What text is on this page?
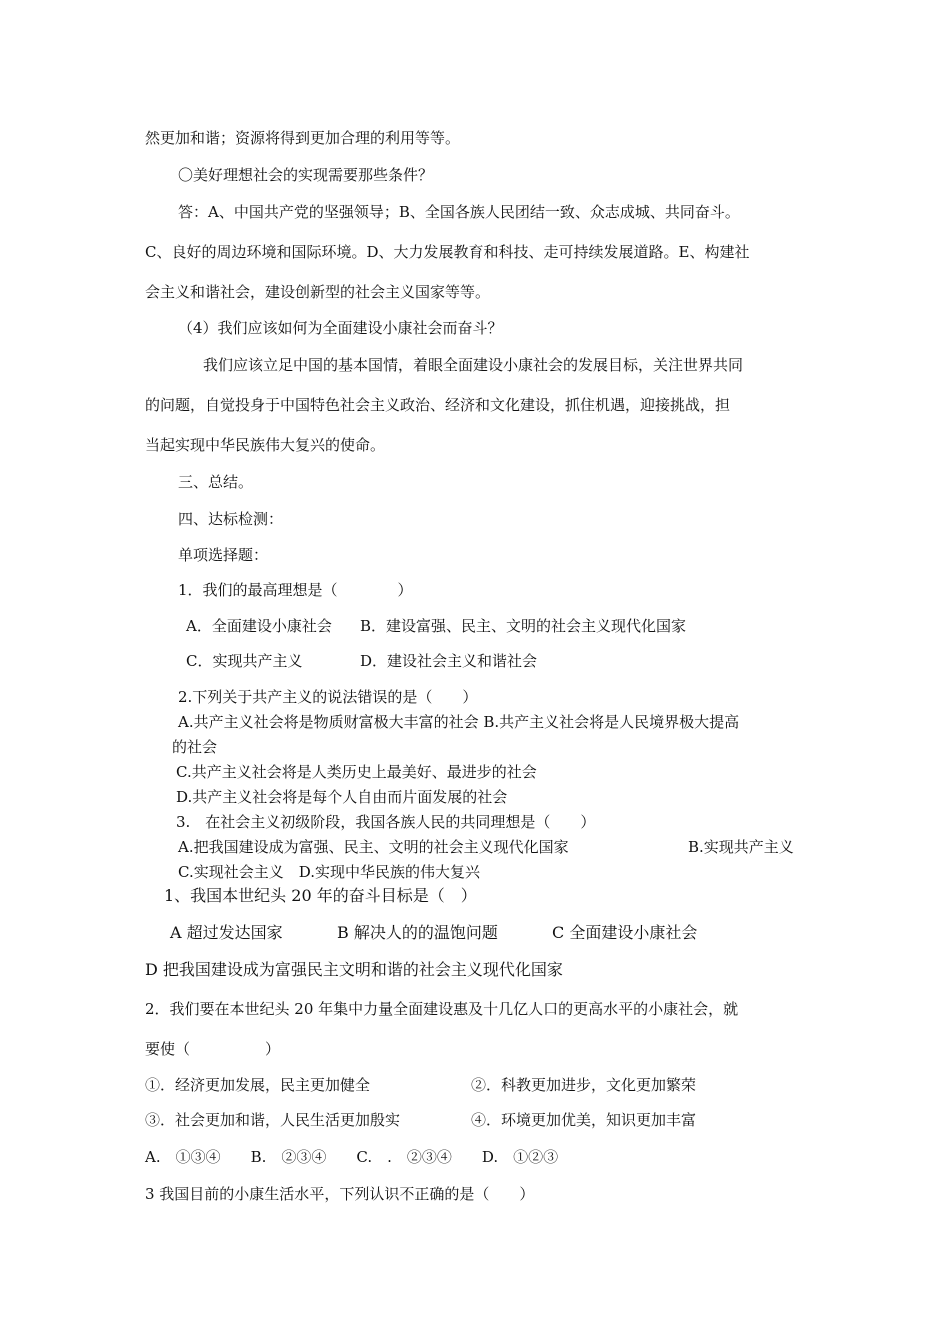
然更加和谐；资源将得到更加合理的利用等等。
〇美好理想社会的实现需要那些条件？
答：A、中国共产党的坚强领导；B、全国各族人民团结一致、众志成城、共同奋斗。
C、良好的周边环境和国际环境。D、大力发展教育和科技、走可持续发展道路。E、构建社
会主义和谐社会，建设创新型的社会主义国家等等。
（4）我们应该如何为全面建设小康社会而奋斗？
我们应该立足中国的基本国情，着眼全面建设小康社会的发展目标，关注世界共同
的问题，自觉投身于中国特色社会主义政治、经济和文化建设，抓住机遇，迎接挑战，担
当起实现中华民族伟大复兴的使命。
三、总结。
四、达标检测：
单项选择题：
1．我们的最高理想是（　　　　）
A．全面建设小康社会 B．建设富强、民主、文明的社会主义现代化国家
C．实现共产主义	D．建设社会主义和谐社会
2.下列关于共产主义的说法错误的是（　　）
A.共产主义社会将是物质财富极大丰富的社会 B.共产主义社会将是人民境界极大提高
的社会
C.共产主义社会将是人类历史上最美好、最进步的社会
D.共产主义社会将是每个人自由而片面发展的社会
3.　在社会主义初级阶段，我国各族人民的共同理想是（　　）
A.把我国建设成为富强、民主、文明的社会主义现代化国家	B.实现共产主义
C.实现社会主义　D.实现中华民族的伟大复兴
1、我国本世纪头 20 年的奋斗目标是（　）
A 超过发达国家	B 解决人的的温饱问题	C 全面建设小康社会
D 把我国建设成为富强民主文明和谐的社会主义现代化国家
2．我们要在本世纪头 20 年集中力量全面建设惠及十几亿人口的更高水平的小康社会，就
要使（　　　　　）
①．经济更加发展，民主更加健全	②．科教更加进步，文化更加繁荣
③．社会更加和谐，人民生活更加殷实	④．环境更加优美，知识更加丰富
A.　①③④　　B.　②③④　　C.　.　②③④　　D.　①②③
3 我国目前的小康生活水平，下列认识不正确的是（　　）
